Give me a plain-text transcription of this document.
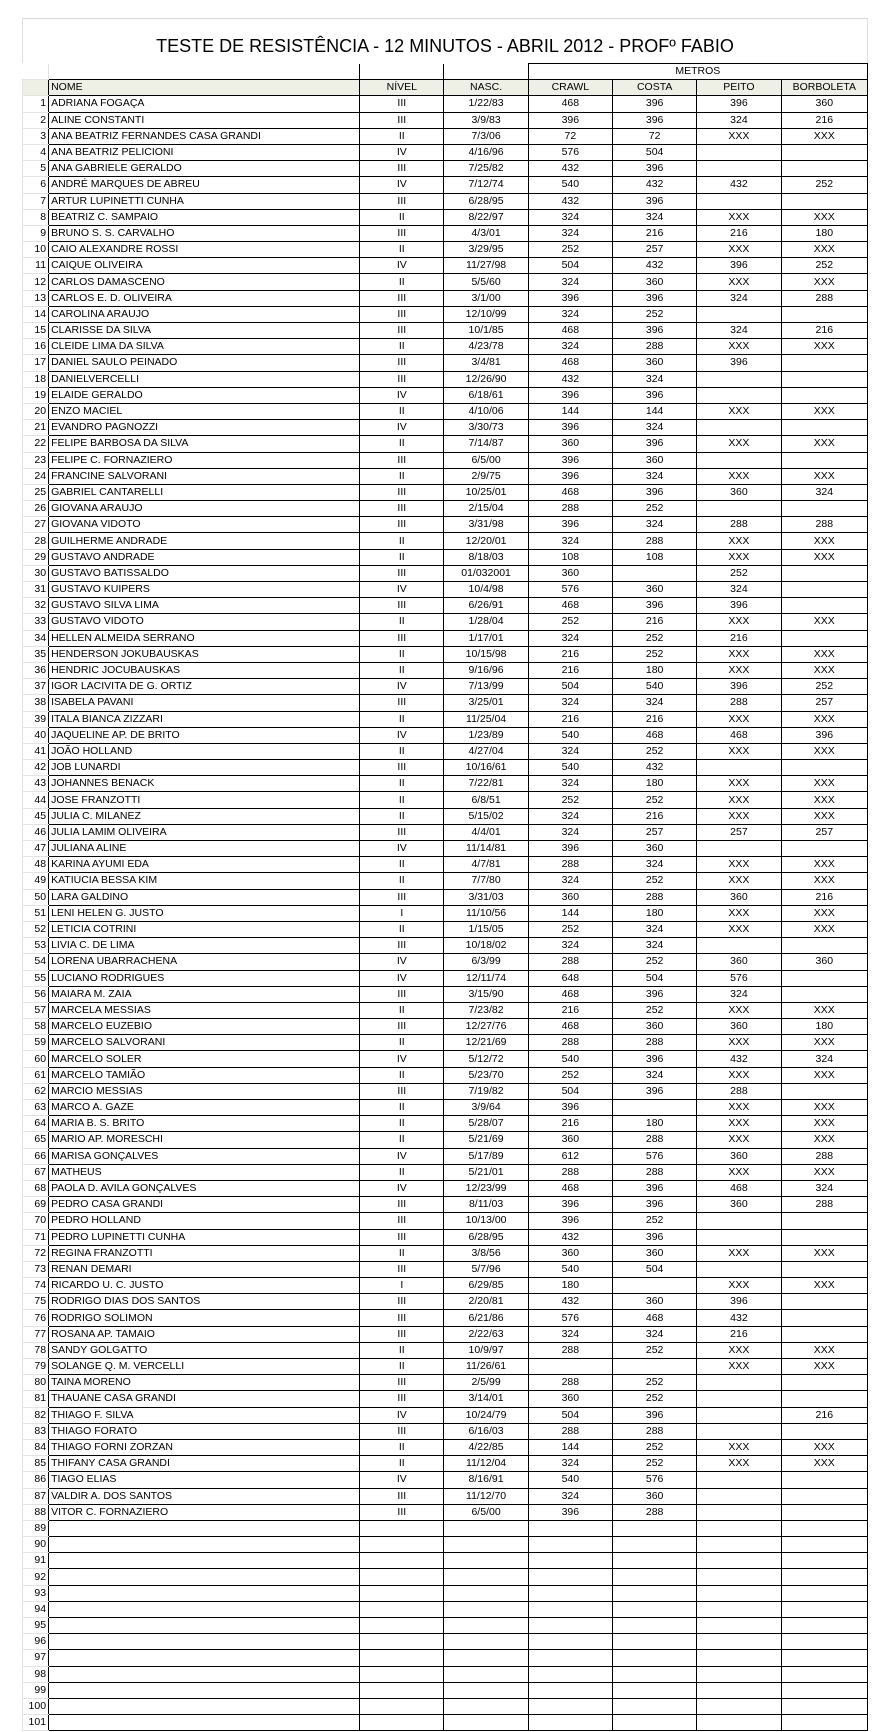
TESTE DE RESISTÊNCIA - 12 MINUTOS - ABRIL 2012 - PROFº FABIO
				METROS			
	NOME	NÍVEL	NASC.	CRAWL	COSTA	PEITO	BORBOLETA
1	ADRIANA FOGAÇA	III	1/22/83	468	396	396	360
2	ALINE CONSTANTI	III	3/9/83	396	396	324	216
3	ANA BEATRIZ FERNANDES CASA GRANDI	II	7/3/06	72	72	XXX	XXX
4	ANA BEATRIZ PELICIONI	IV	4/16/96	576	504		
5	ANA GABRIELE GERALDO	III	7/25/82	432	396		
6	ANDRÉ MARQUES DE ABREU	IV	7/12/74	540	432	432	252
7	ARTUR LUPINETTI CUNHA	III	6/28/95	432	396		
8	BEATRIZ C. SAMPAIO	II	8/22/97	324	324	XXX	XXX
9	BRUNO S. S. CARVALHO	III	4/3/01	324	216	216	180
10	CAIO ALEXANDRE ROSSI	II	3/29/95	252	257	XXX	XXX
11	CAIQUE OLIVEIRA	IV	11/27/98	504	432	396	252
12	CARLOS DAMASCENO	II	5/5/60	324	360	XXX	XXX
13	CARLOS E. D. OLIVEIRA	III	3/1/00	396	396	324	288
14	CAROLINA ARAUJO	III	12/10/99	324	252		
15	CLARISSE DA SILVA	III	10/1/85	468	396	324	216
16	CLEIDE LIMA DA SILVA	II	4/23/78	324	288	XXX	XXX
17	DANIEL SAULO PEINADO	III	3/4/81	468	360	396	
18	DANIELVERCELLI	III	12/26/90	432	324		
19	ELAIDE GERALDO	IV	6/18/61	396	396		
20	ENZO MACIEL	II	4/10/06	144	144	XXX	XXX
21	EVANDRO PAGNOZZI	IV	3/30/73	396	324		
22	FELIPE BARBOSA DA SILVA	II	7/14/87	360	396	XXX	XXX
23	FELIPE C. FORNAZIERO	III	6/5/00	396	360		
24	FRANCINE SALVORANI	II	2/9/75	396	324	XXX	XXX
25	GABRIEL CANTARELLI	III	10/25/01	468	396	360	324
26	GIOVANA ARAUJO	III	2/15/04	288	252		
27	GIOVANA VIDOTO	III	3/31/98	396	324	288	288
28	GUILHERME ANDRADE	II	12/20/01	324	288	XXX	XXX
29	GUSTAVO ANDRADE	II	8/18/03	108	108	XXX	XXX
30	GUSTAVO BATISSALDO	III	01/032001	360		252	
31	GUSTAVO KUIPERS	IV	10/4/98	576	360	324	
32	GUSTAVO SILVA LIMA	III	6/26/91	468	396	396	
33	GUSTAVO VIDOTO	II	1/28/04	252	216	XXX	XXX
34	HELLEN ALMEIDA SERRANO	III	1/17/01	324	252	216	
35	HENDERSON JOKUBAUSKAS	II	10/15/98	216	252	XXX	XXX
36	HENDRIC JOCUBAUSKAS	II	9/16/96	216	180	XXX	XXX
37	IGOR LACIVITA DE G. ORTIZ	IV	7/13/99	504	540	396	252
38	ISABELA PAVANI	III	3/25/01	324	324	288	257
39	ITALA BIANCA ZIZZARI	II	11/25/04	216	216	XXX	XXX
40	JAQUELINE AP. DE BRITO	IV	1/23/89	540	468	468	396
41	JOÃO HOLLAND	II	4/27/04	324	252	XXX	XXX
42	JOB LUNARDI	III	10/16/61	540	432		
43	JOHANNES BENACK	II	7/22/81	324	180	XXX	XXX
44	JOSE FRANZOTTI	II	6/8/51	252	252	XXX	XXX
45	JULIA C. MILANEZ	II	5/15/02	324	216	XXX	XXX
46	JULIA LAMIM OLIVEIRA	III	4/4/01	324	257	257	257
47	JULIANA ALINE	IV	11/14/81	396	360		
48	KARINA AYUMI EDA	II	4/7/81	288	324	XXX	XXX
49	KATIUCIA BESSA KIM	II	7/7/80	324	252	XXX	XXX
50	LARA GALDINO	III	3/31/03	360	288	360	216
51	LENI HELEN G. JUSTO	I	11/10/56	144	180	XXX	XXX
52	LETICIA COTRINI	II	1/15/05	252	324	XXX	XXX
53	LIVIA C. DE LIMA	III	10/18/02	324	324		
54	LORENA UBARRACHENA	IV	6/3/99	288	252	360	360
55	LUCIANO RODRIGUES	IV	12/11/74	648	504	576	
56	MAIARA M. ZAIA	III	3/15/90	468	396	324	
57	MARCELA MESSIAS	II	7/23/82	216	252	XXX	XXX
58	MARCELO EUZEBIO	III	12/27/76	468	360	360	180
59	MARCELO SALVORANI	II	12/21/69	288	288	XXX	XXX
60	MARCELO SOLER	IV	5/12/72	540	396	432	324
61	MARCELO TAMIÃO	II	5/23/70	252	324	XXX	XXX
62	MARCIO MESSIAS	III	7/19/82	504	396	288	
63	MARCO A. GAZE	II	3/9/64	396		XXX	XXX
64	MARIA B. S. BRITO	II	5/28/07	216	180	XXX	XXX
65	MARIO AP. MORESCHI	II	5/21/69	360	288	XXX	XXX
66	MARISA GONÇALVES	IV	5/17/89	612	576	360	288
67	MATHEUS	II	5/21/01	288	288	XXX	XXX
68	PAOLA D. AVILA GONÇALVES	IV	12/23/99	468	396	468	324
69	PEDRO CASA GRANDI	III	8/11/03	396	396	360	288
70	PEDRO HOLLAND	III	10/13/00	396	252		
71	PEDRO LUPINETTI CUNHA	III	6/28/95	432	396		
72	REGINA FRANZOTTI	II	3/8/56	360	360	XXX	XXX
73	RENAN DEMARI	III	5/7/96	540	504		
74	RICARDO U. C. JUSTO	I	6/29/85	180		XXX	XXX
75	RODRIGO DIAS DOS SANTOS	III	2/20/81	432	360	396	
76	RODRIGO SOLIMON	III	6/21/86	576	468	432	
77	ROSANA AP. TAMAIO	III	2/22/63	324	324	216	
78	SANDY GOLGATTO	II	10/9/97	288	252	XXX	XXX
79	SOLANGE Q. M. VERCELLI	II	11/26/61			XXX	XXX
80	TAINA MORENO	III	2/5/99	288	252		
81	THAUANE CASA GRANDI	III	3/14/01	360	252		
82	THIAGO F. SILVA	IV	10/24/79	504	396		216
83	THIAGO FORATO	III	6/16/03	288	288		
84	THIAGO FORNI ZORZAN	II	4/22/85	144	252	XXX	XXX
85	THIFANY CASA GRANDI	II	11/12/04	324	252	XXX	XXX
86	TIAGO ELIAS	IV	8/16/91	540	576		
87	VALDIR A. DOS SANTOS	III	11/12/70	324	360		
88	VITOR C. FORNAZIERO	III	6/5/00	396	288		
89							
90							
91							
92							
93							
94							
95							
96							
97							
98							
99							
100							
101							
